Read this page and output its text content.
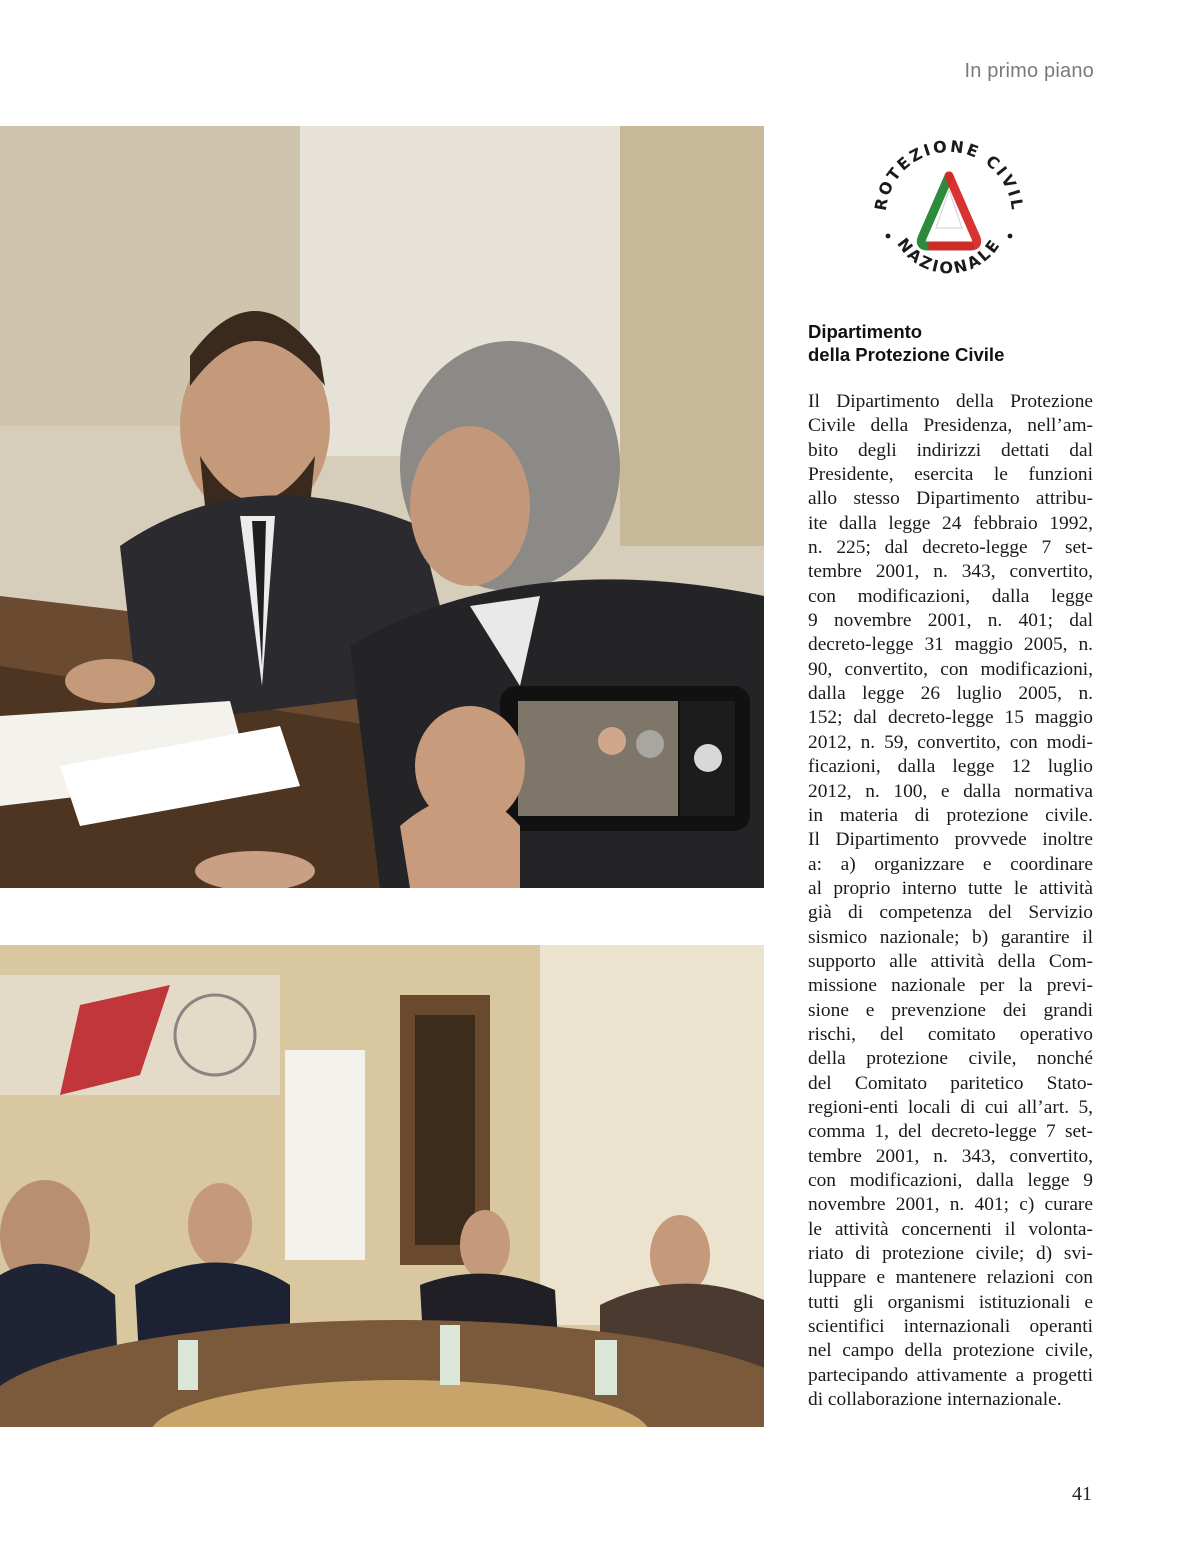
In primo piano
ROTEZIONE CIVIL
NAZIONALE
Dipartimento
della Protezione Civile
Il Dipartimento della Protezione
Civile della Presidenza, nell’am-
bito degli indirizzi dettati dal
Presidente, esercita le funzioni
allo stesso Dipartimento attribu-
ite dalla legge 24 febbraio 1992,
n. 225; dal decreto-legge 7 set-
tembre 2001, n. 343, convertito,
con modificazioni, dalla legge
9 novembre 2001, n. 401; dal
decreto-legge 31 maggio 2005, n.
90, convertito, con modificazioni,
dalla legge 26 luglio 2005, n.
152; dal decreto-legge 15 maggio
2012, n. 59, convertito, con modi-
ficazioni, dalla legge 12 luglio
2012, n. 100, e dalla normativa
in materia di protezione civile.
Il Dipartimento provvede inoltre
a: a) organizzare e coordinare
al proprio interno tutte le attività
già di competenza del Servizio
sismico nazionale; b) garantire il
supporto alle attività della Com-
missione nazionale per la previ-
sione e prevenzione dei grandi
rischi, del comitato operativo
della protezione civile, nonché
del Comitato paritetico Stato-
regioni-enti locali di cui all’art. 5,
comma 1, del decreto-legge 7 set-
tembre 2001, n. 343, convertito,
con modificazioni, dalla legge 9
novembre 2001, n. 401; c) curare
le attività concernenti il volonta-
riato di protezione civile; d) svi-
luppare e mantenere relazioni con
tutti gli organismi istituzionali e
scientifici internazionali operanti
nel campo della protezione civile,
partecipando attivamente a progetti
di collaborazione internazionale.
41
